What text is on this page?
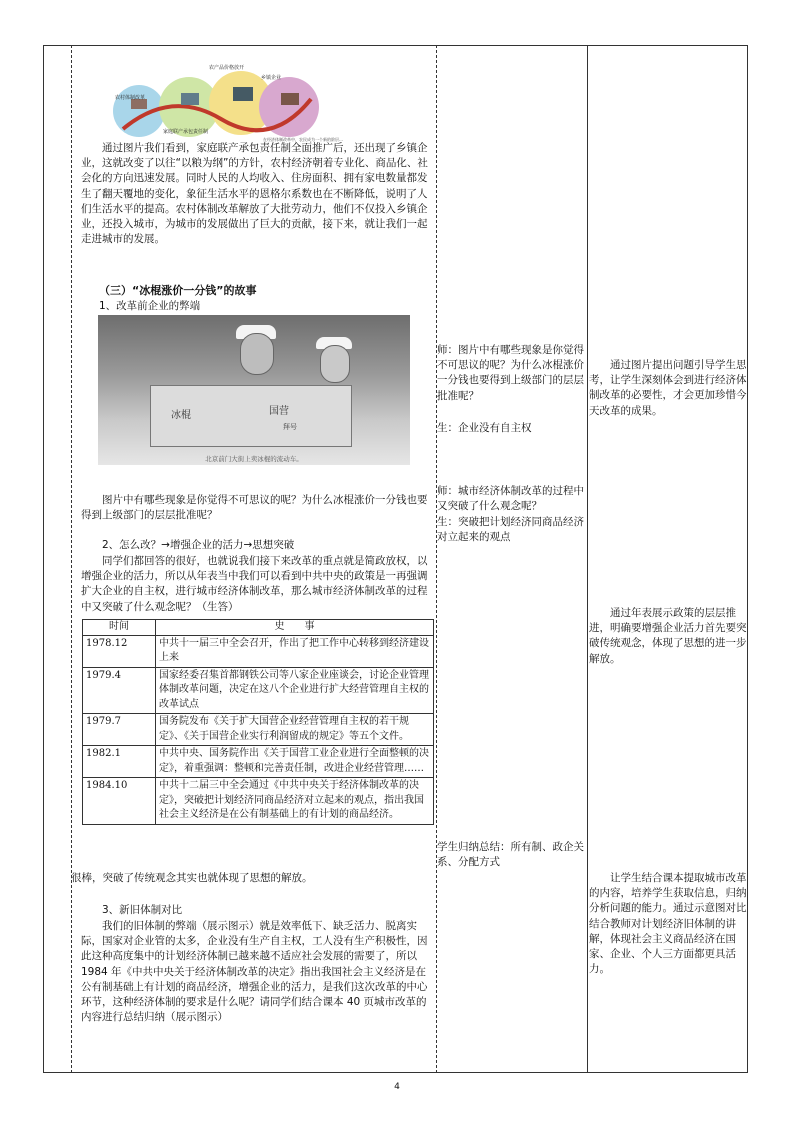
农产品价格放开
家庭联产承包责任制
农村体制改革
乡镇企业
在经济体制改革中，农民成为一个新的阶层…

通过图片我们看到，家庭联产承包责任制全面推广后，还出现了乡镇企业，这就改变了以往“以粮为纲”的方针，农村经济朝着专业化、商品化、社会化的方向迅速发展。同时人民的人均收入、住房面积、拥有家电数量都发生了翻天覆地的变化，象征生活水平的恩格尔系数也在不断降低，说明了人们生活水平的提高。农村体制改革解放了大批劳动力，他们不仅投入乡镇企业，还投入城市，为城市的发展做出了巨大的贡献，接下来，就让我们一起走进城市的发展。

（三）“冰棍涨价一分钱”的故事

1、改革前企业的弊端

冰棍	国营
拜号
北京前门大街上卖冰棍的流动车。

图片中有哪些现象是你觉得不可思议的呢？为什么冰棍涨价一分钱也要得到上级部门的层层批准呢？

2、怎么改？→增强企业的活力→思想突破

同学们都回答的很好，也就说我们接下来改革的重点就是简政放权，以增强企业的活力，所以从年表当中我们可以看到中共中央的政策是一再强调扩大企业的自主权，进行城市经济体制改革，那么城市经济体制改革的过程中又突破了什么观念呢？（生答）

时间	史　　事
1978.12	中共十一届三中全会召开，作出了把工作中心转移到经济建设上来
1979.4	国家经委召集首都钢铁公司等八家企业座谈会，讨论企业管理体制改革问题，决定在这八个企业进行扩大经营管理自主权的改革试点
1979.7	国务院发布《关于扩大国营企业经营管理自主权的若干规定》、《关于国营企业实行利润留成的规定》等五个文件。
1982.1	中共中央、国务院作出《关于国营工业企业进行全面整顿的决定》，着重强调：整顿和完善责任制，改进企业经营管理……
1984.10	中共十二届三中全会通过《中共中央关于经济体制改革的决定》，突破把计划经济同商品经济对立起来的观点，指出我国社会主义经济是在公有制基础上的有计划的商品经济。

很棒，突破了传统观念其实也就体现了思想的解放。

3、新旧体制对比

我们的旧体制的弊端（展示图示）就是效率低下、缺乏活力、脱离实际，国家对企业管的太多，企业没有生产自主权，工人没有生产积极性，因此这种高度集中的计划经济体制已越来越不适应社会发展的需要了，所以 1984 年《中共中央关于经济体制改革的决定》指出我国社会主义经济是在公有制基础上有计划的商品经济，增强企业的活力，是我们这次改革的中心环节，这种经济体制的要求是什么呢？请同学们结合课本 40 页城市改革的内容进行总结归纳（展示图示）

师：图片中有哪些现象是你觉得不可思议的呢？为什么冰棍涨价一分钱也要得到上级部门的层层批准呢？

生：企业没有自主权

师：城市经济体制改革的过程中又突破了什么观念呢？

生：突破把计划经济同商品经济对立起来的观点

学生归纳总结：所有制、政企关系、分配方式

通过图片提出问题引导学生思考，让学生深刻体会到进行经济体制改革的必要性，才会更加珍惜今天改革的成果。

通过年表展示政策的层层推进，明确要增强企业活力首先要突破传统观念，体现了思想的进一步解放。

让学生结合课本提取城市改革的内容，培养学生获取信息，归纳分析问题的能力。通过示意图对比结合教师对计划经济旧体制的讲解，体现社会主义商品经济在国家、企业、个人三方面都更具活力。

4
